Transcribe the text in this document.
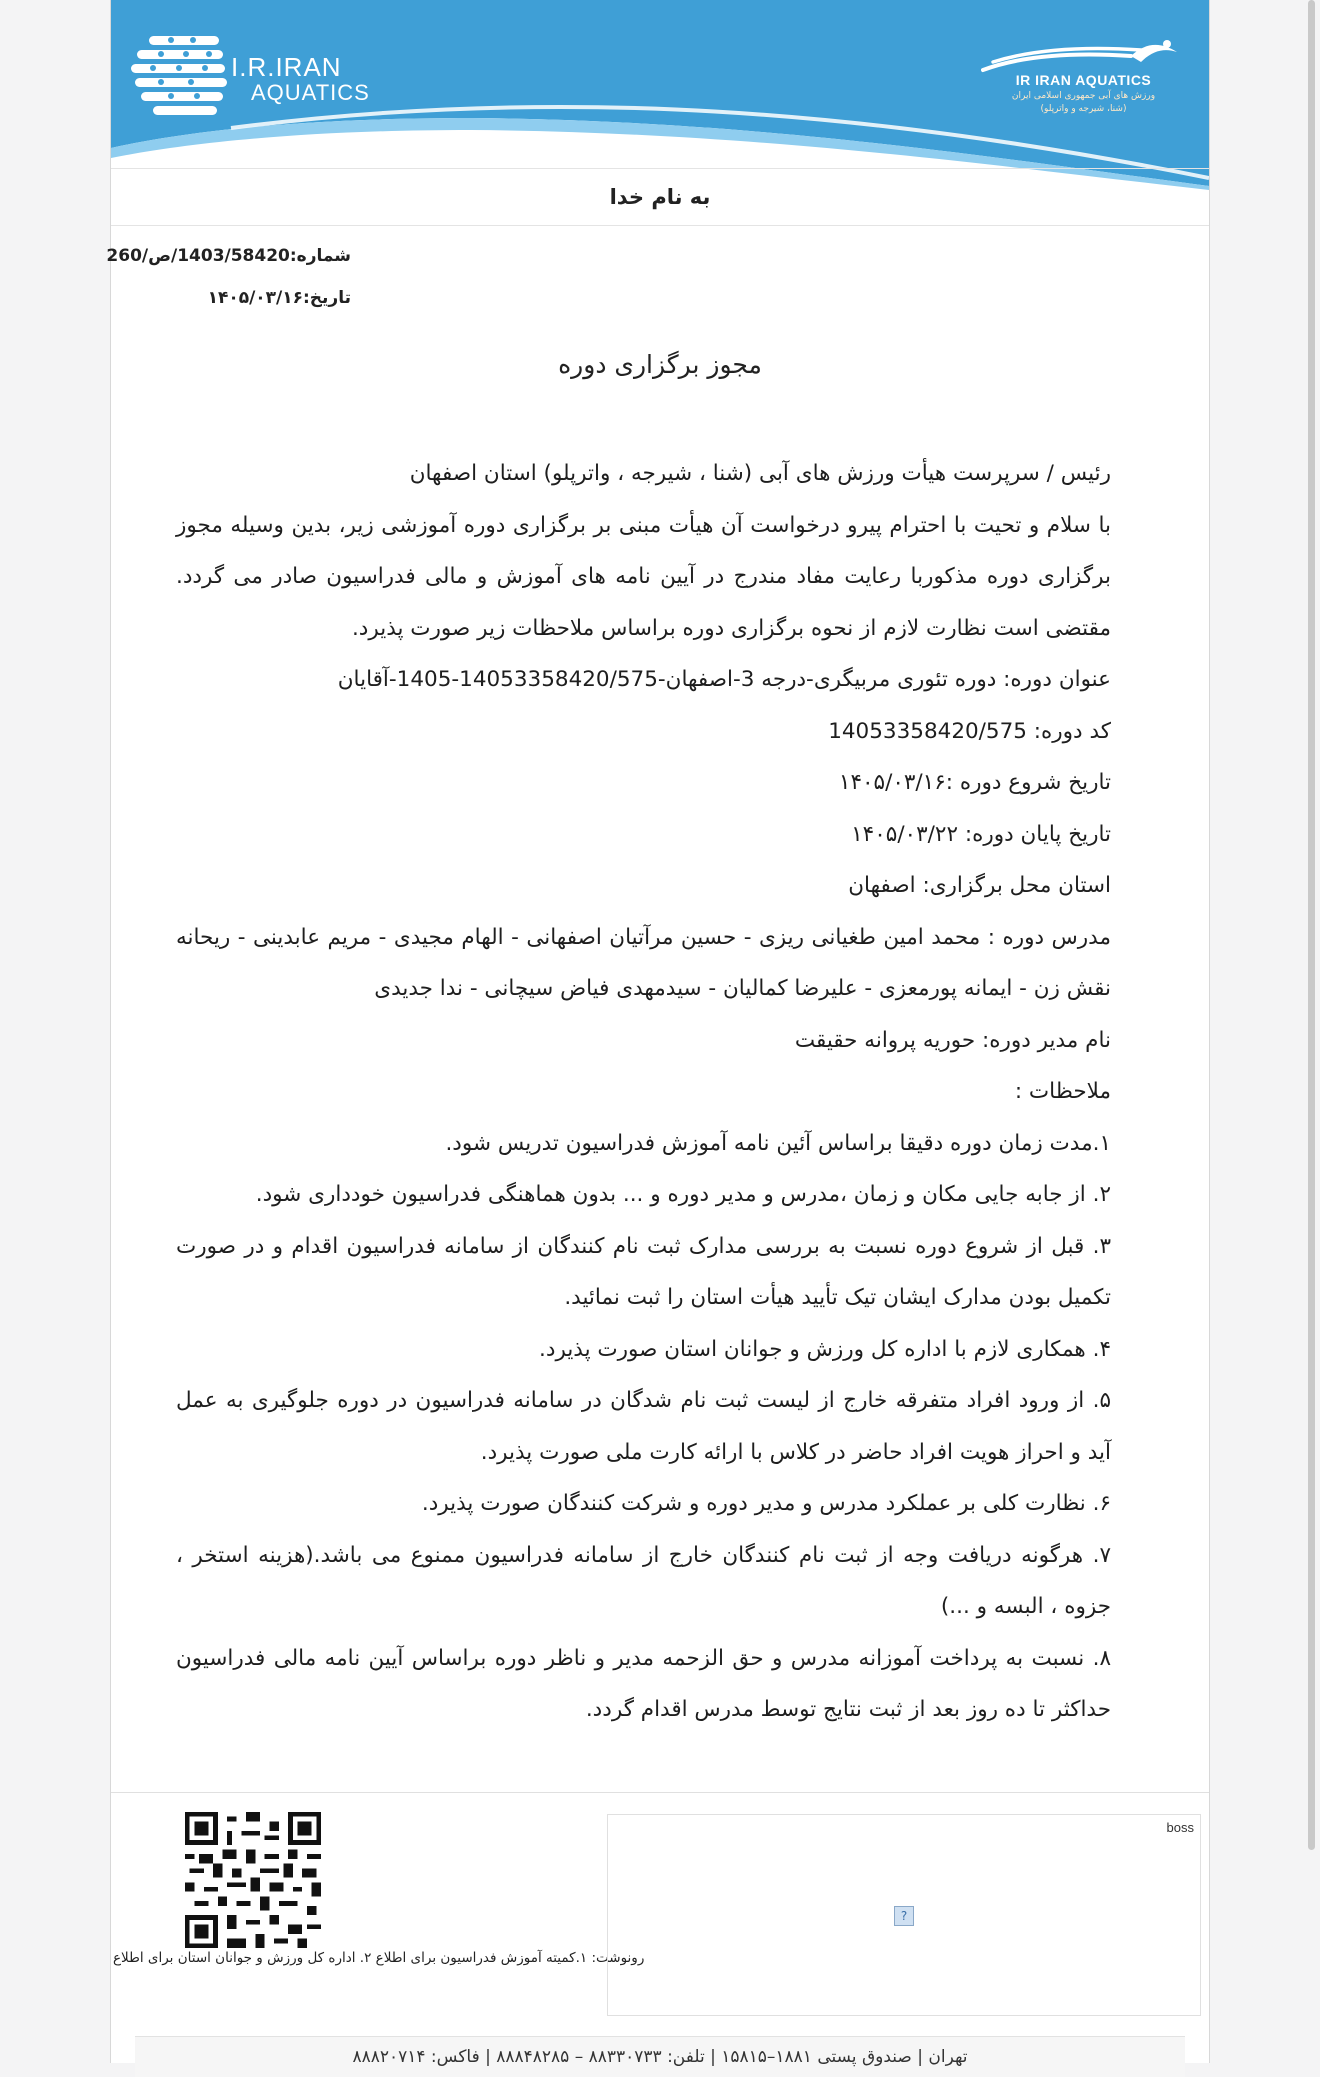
I.R.IRAN
AQUATICS	IR IRAN AQUATICS
ورزش های آبی جمهوری اسلامی ایران
(شنا، شیرجه و واترپلو)
به نام خدا
شماره:1403/58420/ص/260
تاریخ:۱۴۰۵/۰۳/۱۶
مجوز برگزاری دوره

رئیس / سرپرست هیأت ورزش های آبی (شنا ، شیرجه ، واترپلو) استان اصفهان

با سلام و تحیت با احترام پیرو درخواست آن هیأت مبنی بر برگزاری دوره آموزشی زیر، بدین وسیله مجوز برگزاری دوره مذکوربا رعایت مفاد مندرج در آیین نامه های آموزش و مالی فدراسیون صادر می گردد. مقتضی است نظارت لازم از نحوه برگزاری دوره براساس ملاحظات زیر صورت پذیرد.

عنوان دوره: دوره تئوری مربیگری-درجه 3-اصفهان-14053358420/575-1405-آقایان

کد دوره: 14053358420/575

تاریخ شروع دوره :۱۴۰۵/۰۳/۱۶

تاریخ پایان دوره: ۱۴۰۵/۰۳/۲۲

استان محل برگزاری: اصفهان

مدرس دوره : محمد امین طغیانی ریزی - حسین مرآتیان اصفهانی - الهام مجیدی - مریم عابدینی - ریحانه نقش زن - ایمانه پورمعزی - علیرضا کمالیان - سیدمهدی فیاض سیچانی - ندا جدیدی

نام مدیر دوره: حوریه پروانه حقیقت

ملاحظات :

۱.مدت زمان دوره دقیقا براساس آئین نامه آموزش فدراسیون تدریس شود.

۲. از جابه جایی مکان و زمان ،مدرس و مدیر دوره و ... بدون هماهنگی فدراسیون خودداری شود.

۳. قبل از شروع دوره نسبت به بررسی مدارک ثبت نام کنندگان از سامانه فدراسیون اقدام و در صورت تکمیل بودن مدارک ایشان تیک تأیید هیأت استان را ثبت نمائید.

۴. همکاری لازم با اداره کل ورزش و جوانان استان صورت پذیرد.

۵. از ورود افراد متفرقه خارج از لیست ثبت نام شدگان در سامانه فدراسیون در دوره جلوگیری به عمل آید و احراز هویت افراد حاضر در کلاس با ارائه کارت ملی صورت پذیرد.

۶. نظارت کلی بر عملکرد مدرس و مدیر دوره و شرکت کنندگان صورت پذیرد.

۷. هرگونه دریافت وجه از ثبت نام کنندگان خارج از سامانه فدراسیون ممنوع می باشد.(هزینه استخر ، جزوه ، البسه و ...)

۸. نسبت به پرداخت آموزانه مدرس و حق الزحمه مدیر و ناظر دوره براساس آیین نامه مالی فدراسیون حداکثر تا ده روز بعد از ثبت نتایج توسط مدرس اقدام گردد.

رونوشت: ۱.کمیته آموزش فدراسیون برای اطلاع ۲. اداره کل ورزش و جوانان استان برای اطلاع
boss
?
تهران | صندوق پستی ۱۸۸۱–۱۵۸۱۵ | تلفن: ۸۸۳۳۰۷۳۳ – ۸۸۸۴۸۲۸۵ | فاکس: ۸۸۸۲۰۷۱۴
